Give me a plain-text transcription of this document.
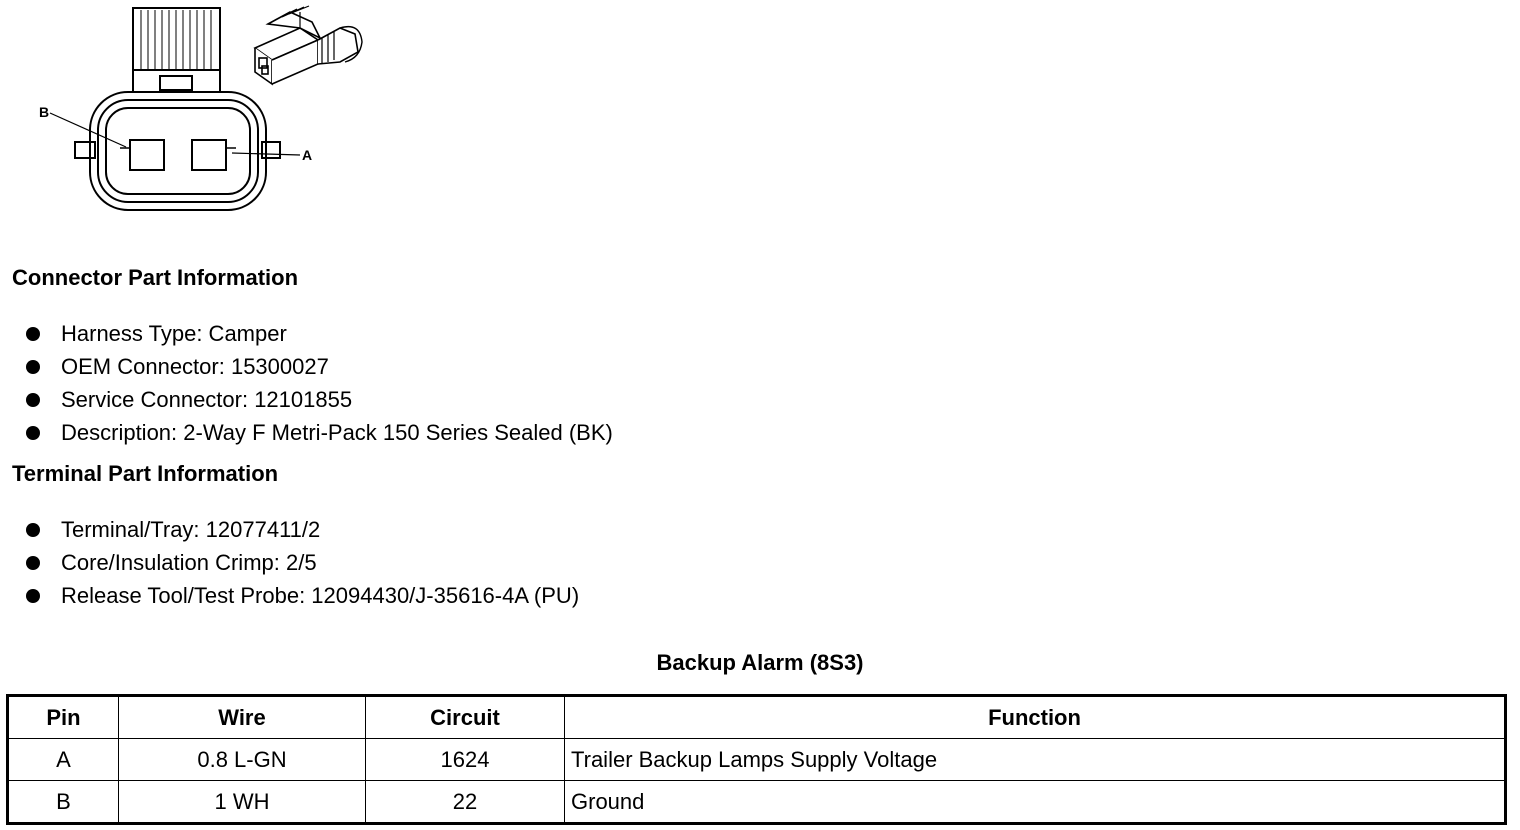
B
A
Connector Part Information
Harness Type: Camper
OEM Connector: 15300027
Service Connector: 12101855
Description: 2-Way F Metri-Pack 150 Series Sealed (BK)
Terminal Part Information
Terminal/Tray: 12077411/2
Core/Insulation Crimp: 2/5
Release Tool/Test Probe: 12094430/J-35616-4A (PU)
Backup Alarm (8S3)
Pin	Wire	Circuit	Function
A	0.8 L-GN	1624	Trailer Backup Lamps Supply Voltage
B	1 WH	22	Ground
